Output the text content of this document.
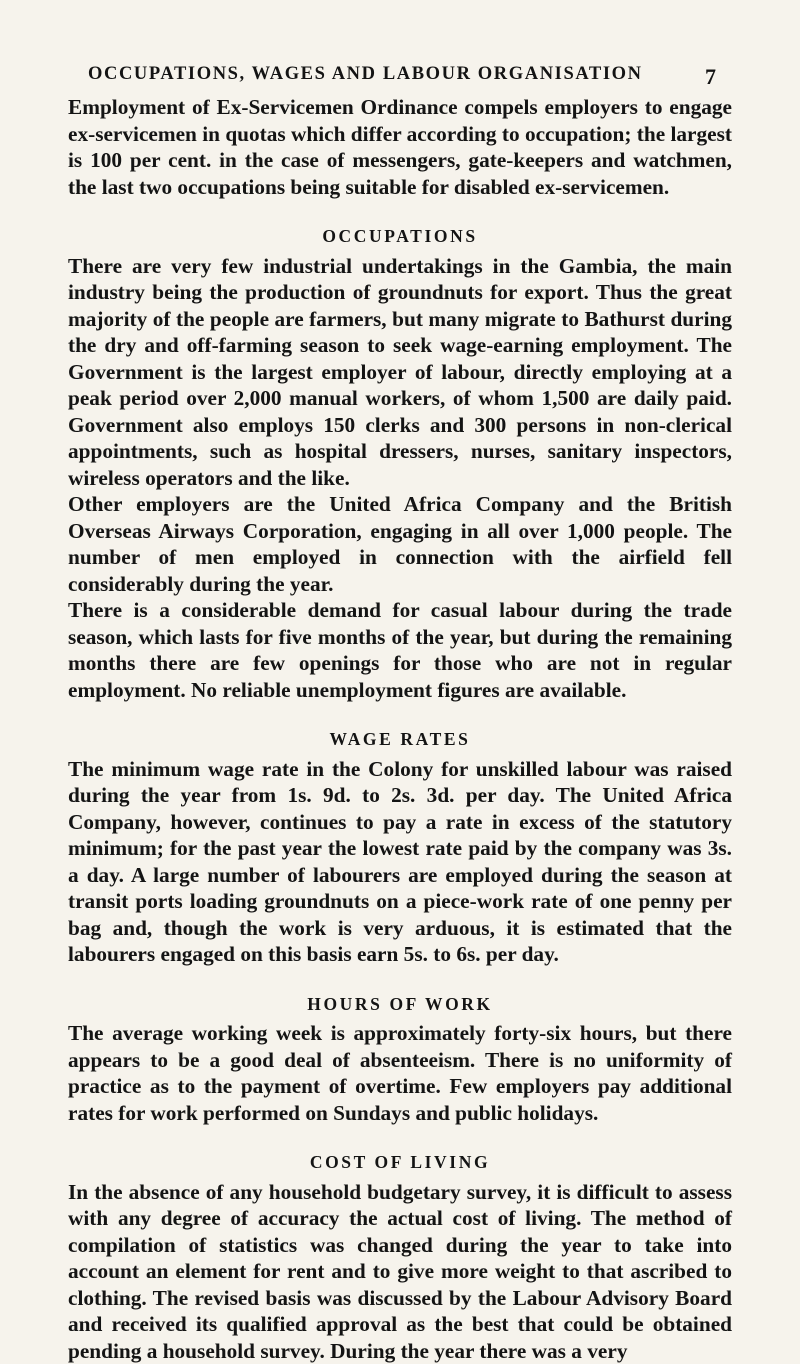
OCCUPATIONS, WAGES AND LABOUR ORGANISATION	7

Employment of Ex-Servicemen Ordinance compels employers to engage ex-servicemen in quotas which differ according to occupation; the largest is 100 per cent. in the case of messengers, gate-keepers and watchmen, the last two occupations being suitable for disabled ex-servicemen.

OCCUPATIONS

There are very few industrial undertakings in the Gambia, the main industry being the production of groundnuts for export. Thus the great majority of the people are farmers, but many migrate to Bathurst during the dry and off-farming season to seek wage-earning employment. The Government is the largest employer of labour, directly employing at a peak period over 2,000 manual workers, of whom 1,500 are daily paid. Government also employs 150 clerks and 300 persons in non-clerical appointments, such as hospital dressers, nurses, sanitary inspectors, wireless operators and the like.

Other employers are the United Africa Company and the British Overseas Airways Corporation, engaging in all over 1,000 people. The number of men employed in connection with the airfield fell considerably during the year.

There is a considerable demand for casual labour during the trade season, which lasts for five months of the year, but during the remaining months there are few openings for those who are not in regular employment. No reliable unemployment figures are available.

WAGE RATES

The minimum wage rate in the Colony for unskilled labour was raised during the year from 1s. 9d. to 2s. 3d. per day. The United Africa Company, however, continues to pay a rate in excess of the statutory minimum; for the past year the lowest rate paid by the company was 3s. a day. A large number of labourers are employed during the season at transit ports loading groundnuts on a piece-work rate of one penny per bag and, though the work is very arduous, it is estimated that the labourers engaged on this basis earn 5s. to 6s. per day.

HOURS OF WORK

The average working week is approximately forty-six hours, but there appears to be a good deal of absenteeism. There is no uniformity of practice as to the payment of overtime. Few employers pay additional rates for work performed on Sundays and public holidays.

COST OF LIVING

In the absence of any household budgetary survey, it is difficult to assess with any degree of accuracy the actual cost of living. The method of compilation of statistics was changed during the year to take into account an element for rent and to give more weight to that ascribed to clothing. The revised basis was discussed by the Labour Advisory Board and received its qualified approval as the best that could be obtained pending a household survey. During the year there was a very
